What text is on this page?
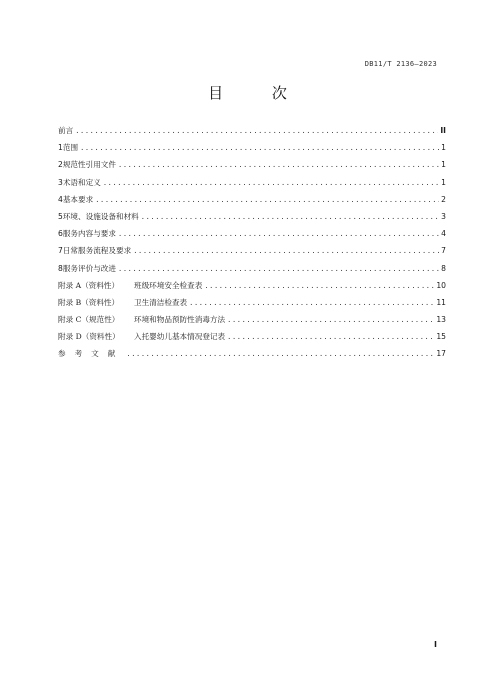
DB11/T 2136—2023
目 次
前言 .....	II
1 范围 .....	1
2 规范性引用文件 .....	1
3 术语和定义 .....	1
4 基本要求 .....	2
5 环境、设施设备和材料 .....	3
6 服务内容与要求 .....	4
7 日常服务流程及要求 .....	7
8 服务评价与改进 .....	8
附录 A（资料性）	班级环境安全检查表 .....	10
附录 B（资料性）	卫生清洁检查表 .....	11
附录 C（规范性）	环境和物品预防性消毒方法 .....	13
附录 D（资料性）	入托婴幼儿基本情况登记表 .....	15
参考文献 .....	17
I
